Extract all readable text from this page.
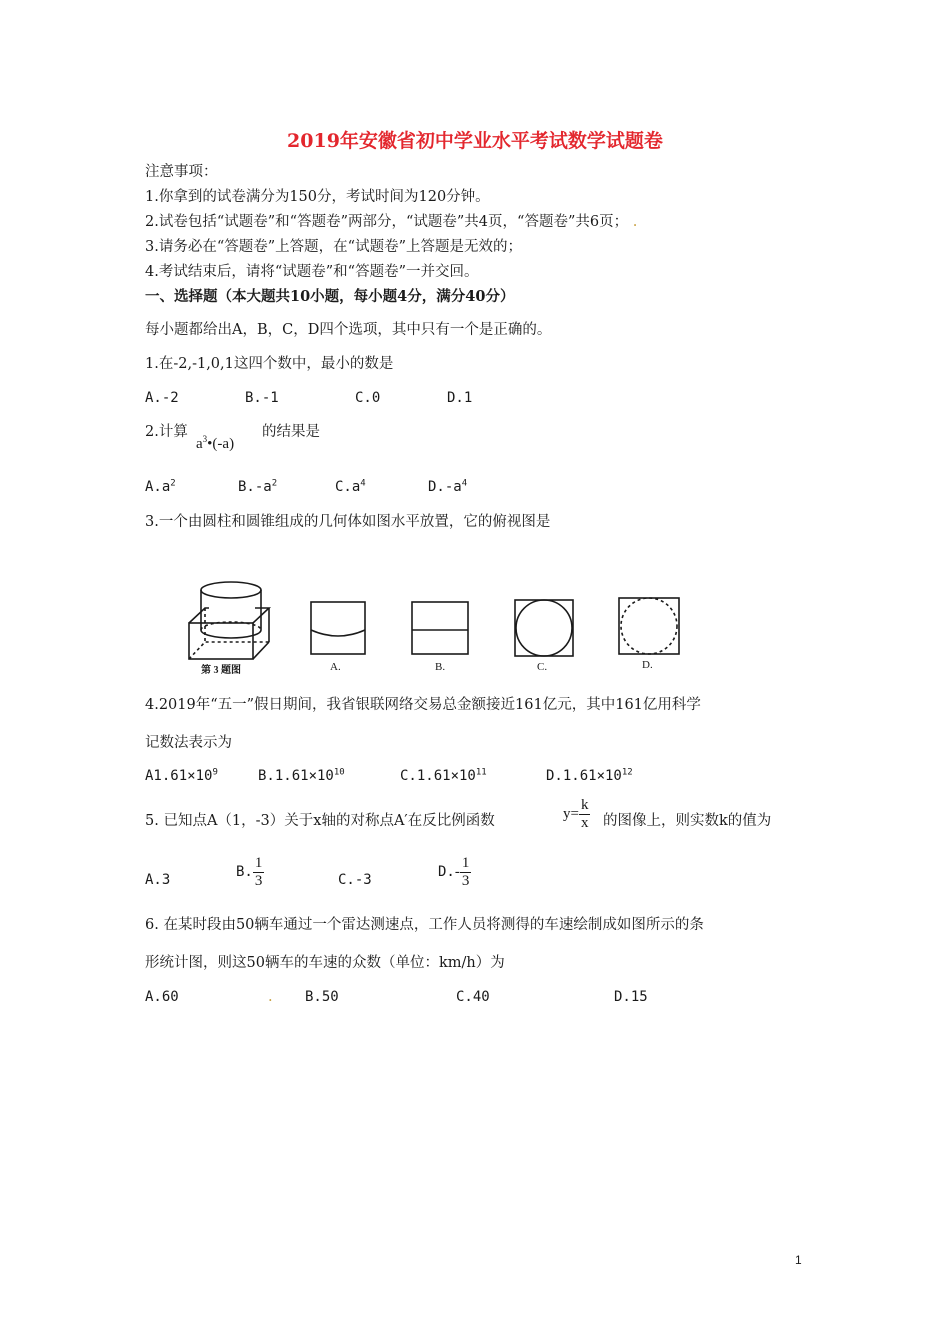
2019年安徽省初中学业水平考试数学试题卷
注意事项：
1.你拿到的试卷满分为150分，考试时间为120分钟。
2.试卷包括“试题卷”和“答题卷”两部分，“试题卷”共4页，“答题卷”共6页； .
3.请务必在“答题卷”上答题，在“试题卷”上答题是无效的；
4.考试结束后，请将“试题卷”和“答题卷”一并交回。
一、选择题（本大题共10小题，每小题4分，满分40分）
每小题都给出A，B，C，D四个选项，其中只有一个是正确的。
1.在-2,-1,0,1这四个数中，最小的数是
A.-2	B.-1	C.0	D.1
2.计算
$a^3•(-a)$
的结果是
$A.a^2$	$B.-a^2$	$C.a^4$	$D.-a^4$
3.一个由圆柱和圆锥组成的几何体如图水平放置，它的俯视图是
第 3 题图	A.	B.	C.	D.
4.2019年“五一”假日期间，我省银联网络交易总金额接近161亿元，其中161亿用科学
记数法表示为
$A1.61\times 10^9$	$B.1.61\times 10^{10}$	$C.1.61\times 10^{11}$	$D.1.61\times 10^{12}$
5. 已知点A（1，-3）关于x轴的对称点A′在反比例函数	$y= \frac{k}{x}$ 的图像上，则实数k的值为
A.3
B. $\frac{1}{3}$	C.-3
$D.- \frac{1}{3}$
6. 在某时段由50辆车通过一个雷达测速点，工作人员将测得的车速绘制成如图所示的条
形统计图，则这50辆车的车速的众数（单位：km/h）为
A.60	. B.50	C.40	D.15
1
